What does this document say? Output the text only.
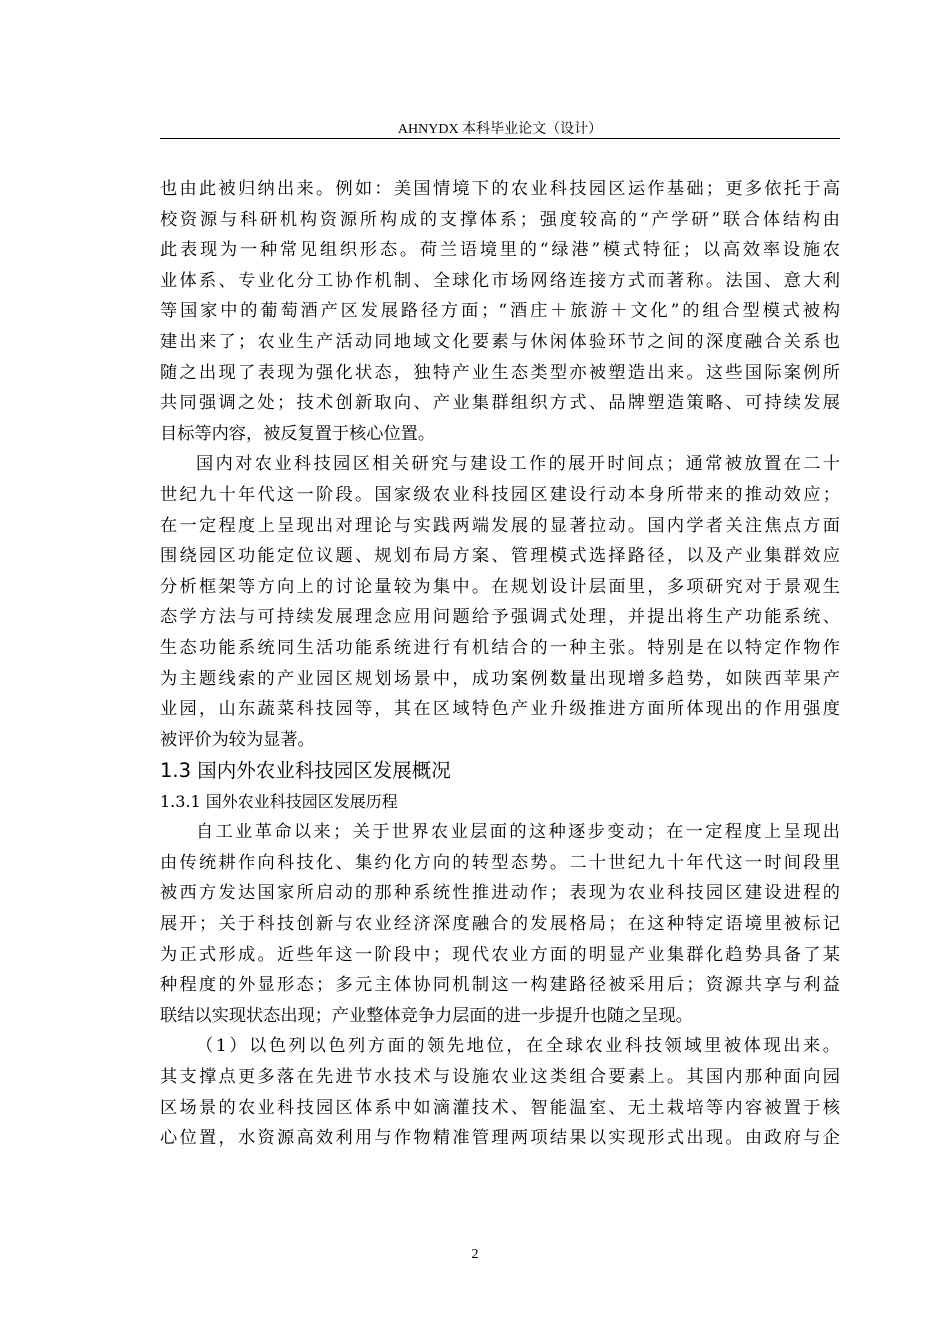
AHNYDX 本科毕业论文（设计）
也由此被归纳出来。例如：美国情境下的农业科技园区运作基础；更多依托于高
校资源与科研机构资源所构成的支撑体系；强度较高的“产学研”联合体结构由
此表现为一种常见组织形态。荷兰语境里的“绿港”模式特征；以高效率设施农
业体系、专业化分工协作机制、全球化市场网络连接方式而著称。法国、意大利
等国家中的葡萄酒产区发展路径方面；“酒庄＋旅游＋文化”的组合型模式被构
建出来了；农业生产活动同地域文化要素与休闲体验环节之间的深度融合关系也
随之出现了表现为强化状态，独特产业生态类型亦被塑造出来。这些国际案例所
共同强调之处；技术创新取向、产业集群组织方式、品牌塑造策略、可持续发展
目标等内容，被反复置于核心位置。
国内对农业科技园区相关研究与建设工作的展开时间点；通常被放置在二十
世纪九十年代这一阶段。国家级农业科技园区建设行动本身所带来的推动效应；
在一定程度上呈现出对理论与实践两端发展的显著拉动。国内学者关注焦点方面
围绕园区功能定位议题、规划布局方案、管理模式选择路径，以及产业集群效应
分析框架等方向上的讨论量较为集中。在规划设计层面里，多项研究对于景观生
态学方法与可持续发展理念应用问题给予强调式处理，并提出将生产功能系统、
生态功能系统同生活功能系统进行有机结合的一种主张。特别是在以特定作物作
为主题线索的产业园区规划场景中，成功案例数量出现增多趋势，如陕西苹果产
业园，山东蔬菜科技园等，其在区域特色产业升级推进方面所体现出的作用强度
被评价为较为显著。
1.3 国内外农业科技园区发展概况
1.3.1 国外农业科技园区发展历程
自工业革命以来；关于世界农业层面的这种逐步变动；在一定程度上呈现出
由传统耕作向科技化、集约化方向的转型态势。二十世纪九十年代这一时间段里
被西方发达国家所启动的那种系统性推进动作；表现为农业科技园区建设进程的
展开；关于科技创新与农业经济深度融合的发展格局；在这种特定语境里被标记
为正式形成。近些年这一阶段中；现代农业方面的明显产业集群化趋势具备了某
种程度的外显形态；多元主体协同机制这一构建路径被采用后；资源共享与利益
联结以实现状态出现；产业整体竞争力层面的进一步提升也随之呈现。
（1）以色列以色列方面的领先地位，在全球农业科技领域里被体现出来。
其支撑点更多落在先进节水技术与设施农业这类组合要素上。其国内那种面向园
区场景的农业科技园区体系中如滴灌技术、智能温室、无土栽培等内容被置于核
心位置，水资源高效利用与作物精准管理两项结果以实现形式出现。由政府与企
2
